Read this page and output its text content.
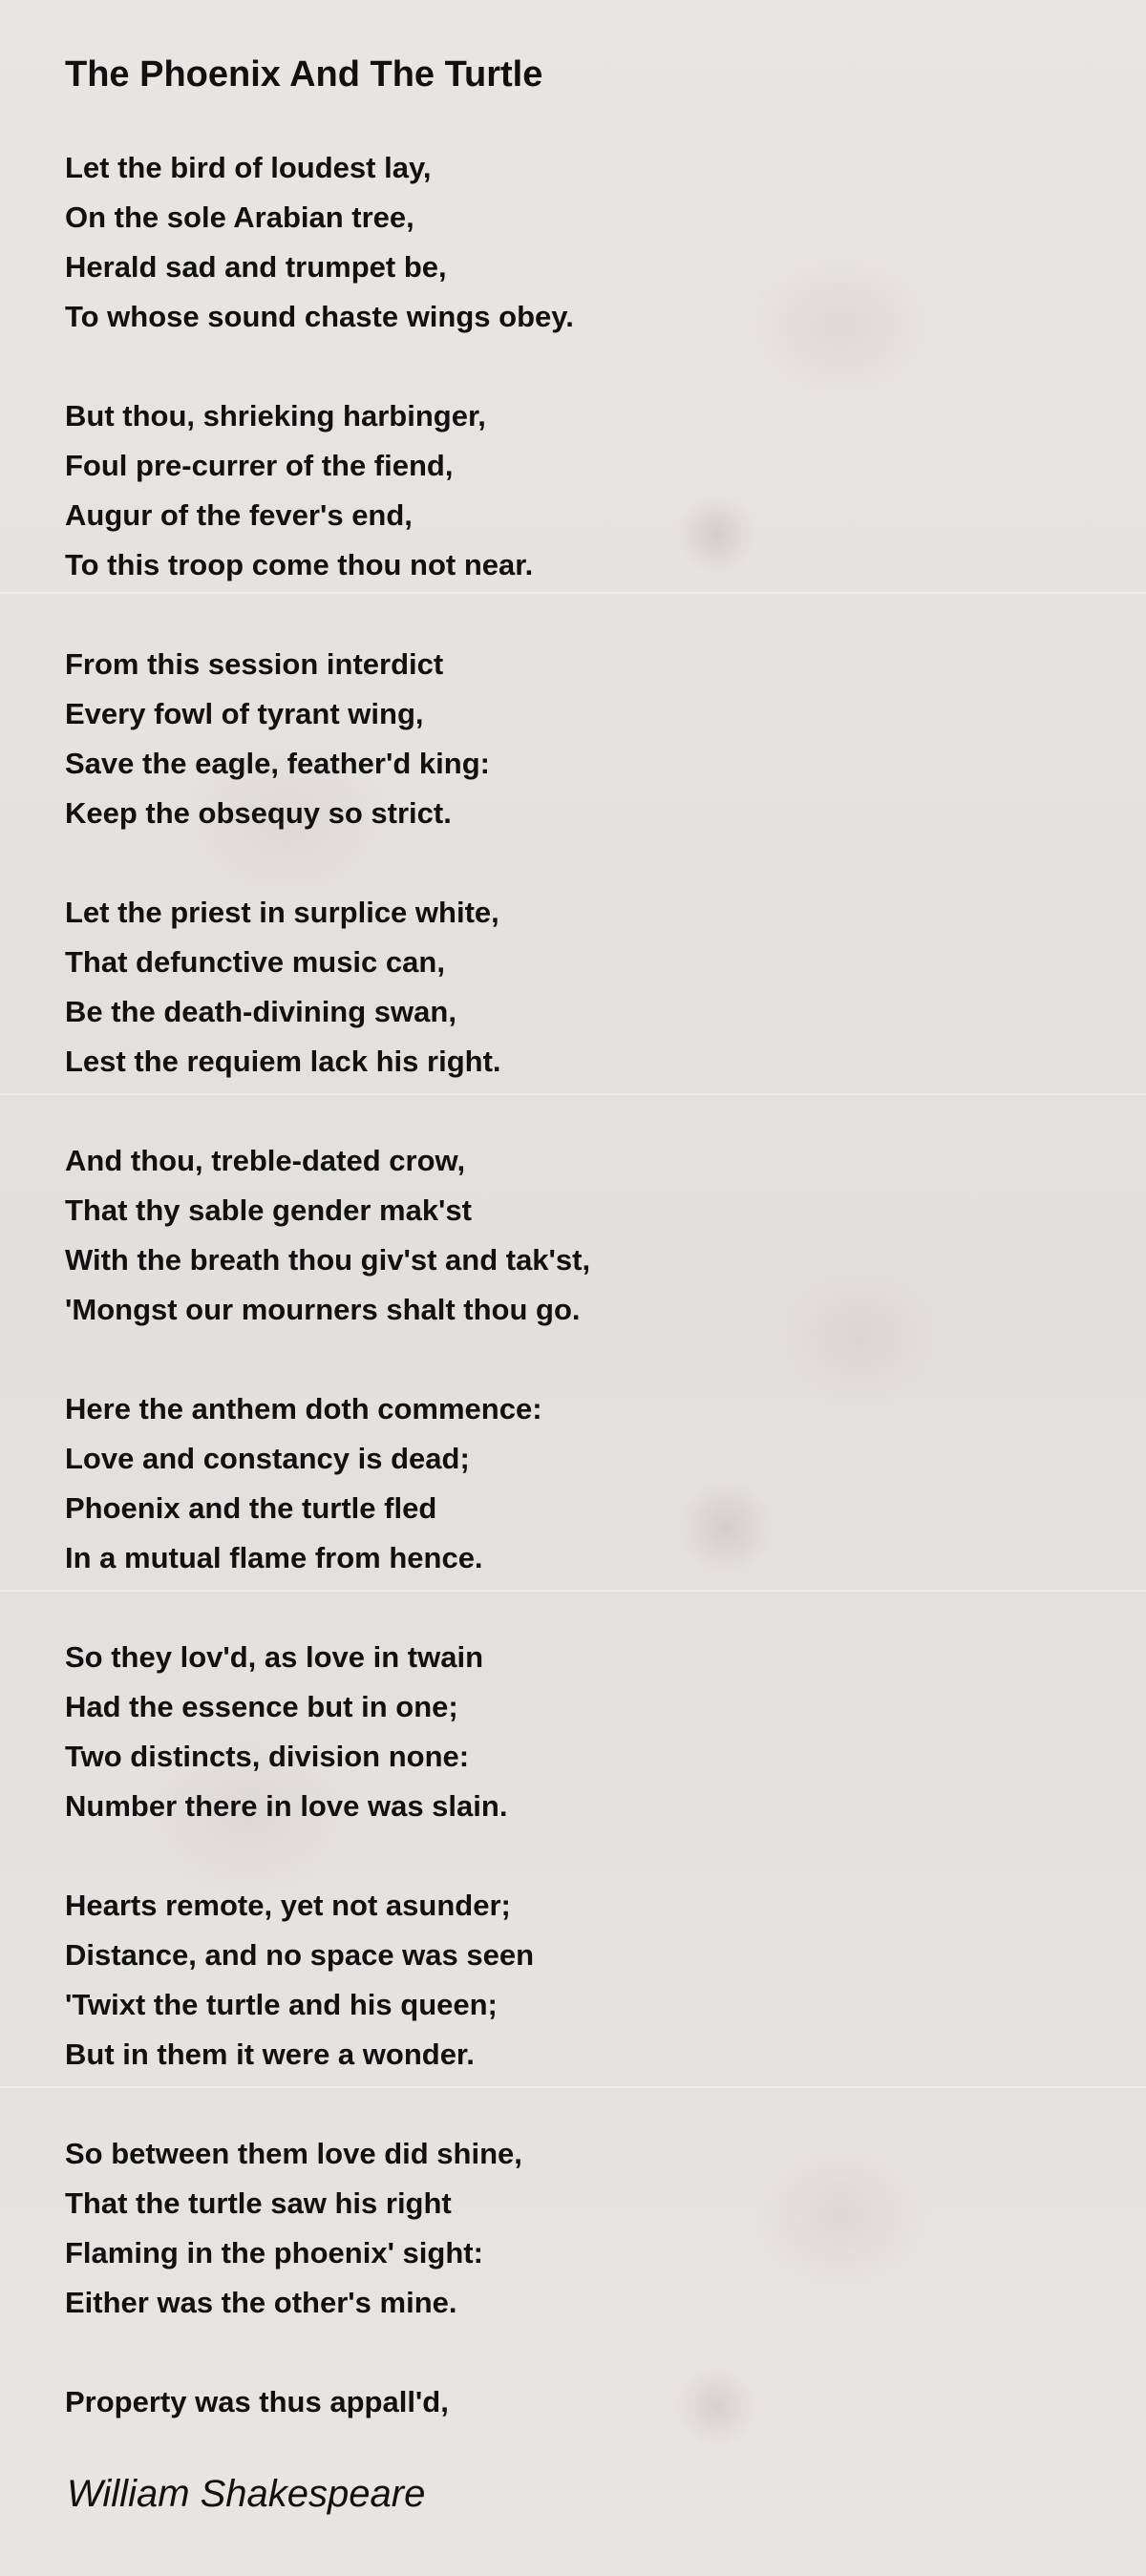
The Phoenix And The Turtle
Let the bird of loudest lay,
On the sole Arabian tree,
Herald sad and trumpet be,
To whose sound chaste wings obey.
But thou, shrieking harbinger,
Foul pre-currer of the fiend,
Augur of the fever's end,
To this troop come thou not near.
From this session interdict
Every fowl of tyrant wing,
Save the eagle, feather'd king:
Keep the obsequy so strict.
Let the priest in surplice white,
That defunctive music can,
Be the death-divining swan,
Lest the requiem lack his right.
And thou, treble-dated crow,
That thy sable gender mak'st
With the breath thou giv'st and tak'st,
'Mongst our mourners shalt thou go.
Here the anthem doth commence:
Love and constancy is dead;
Phoenix and the turtle fled
In a mutual flame from hence.
So they lov'd, as love in twain
Had the essence but in one;
Two distincts, division none:
Number there in love was slain.
Hearts remote, yet not asunder;
Distance, and no space was seen
'Twixt the turtle and his queen;
But in them it were a wonder.
So between them love did shine,
That the turtle saw his right
Flaming in the phoenix' sight:
Either was the other's mine.
Property was thus appall'd,
William Shakespeare
